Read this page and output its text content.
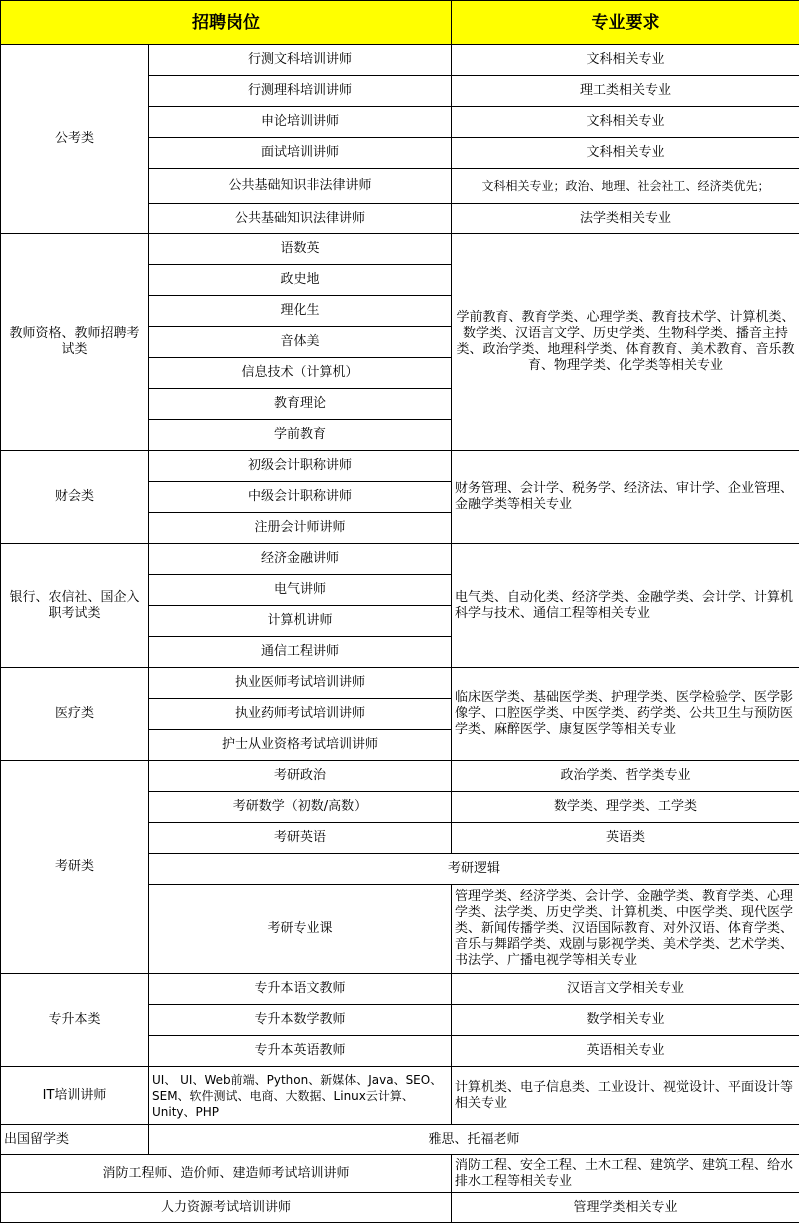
招聘岗位		专业要求
公考类	行测文科培训讲师	文科相关专业
	行测理科培训讲师	理工类相关专业
	申论培训讲师	文科相关专业
	面试培训讲师	文科相关专业
	公共基础知识非法律讲师	文科相关专业；政治、地理、社会社工、经济类优先；
	公共基础知识法律讲师	法学类相关专业
教师资格、教师招聘考试类	语数英	学前教育、教育学类、心理学类、教育技术学、计算机类、数学类、汉语言文学、历史学类、生物科学类、播音主持类、政治学类、地理科学类、体育教育、美术教育、音乐教育、物理学类、化学类等相关专业
	政史地	
	理化生	
	音体美	
	信息技术（计算机）	
	教育理论	
	学前教育	
财会类	初级会计职称讲师	财务管理、会计学、税务学、经济法、审计学、企业管理、金融学类等相关专业
	中级会计职称讲师	
	注册会计师讲师	
银行、农信社、国企入职考试类	经济金融讲师	电气类、自动化类、经济学类、金融学类、会计学、计算机科学与技术、通信工程等相关专业
	电气讲师	
	计算机讲师	
	通信工程讲师	
医疗类	执业医师考试培训讲师	临床医学类、基础医学类、护理学类、医学检验学、医学影像学、口腔医学类、中医学类、药学类、公共卫生与预防医学类、麻醉医学、康复医学等相关专业
	执业药师考试培训讲师	
	护士从业资格考试培训讲师	
考研类	考研政治	政治学类、哲学类专业
	考研数学（初数/高数）	数学类、理学类、工学类
	考研英语	英语类
	考研逻辑	
	考研专业课	管理学类、经济学类、会计学、金融学类、教育学类、心理学类、法学类、历史学类、计算机类、中医学类、现代医学类、新闻传播学类、汉语国际教育、对外汉语、体育学类、音乐与舞蹈学类、戏剧与影视学类、美术学类、艺术学类、书法学、广播电视学等相关专业
专升本类	专升本语文教师	汉语言文学相关专业
	专升本数学教师	数学相关专业
	专升本英语教师	英语相关专业
IT培训讲师	UI、 UI、Web前端、Python、新媒体、Java、SEO、SEM、软件测试、电商、大数据、Linux云计算、Unity、PHP	计算机类、电子信息类、工业设计、视觉设计、平面设计等相关专业
出国留学类	雅思、托福老师	
消防工程师、造价师、建造师考试培训讲师		消防工程、安全工程、土木工程、建筑学、建筑工程、给水排水工程等相关专业
人力资源考试培训讲师		管理学类相关专业
